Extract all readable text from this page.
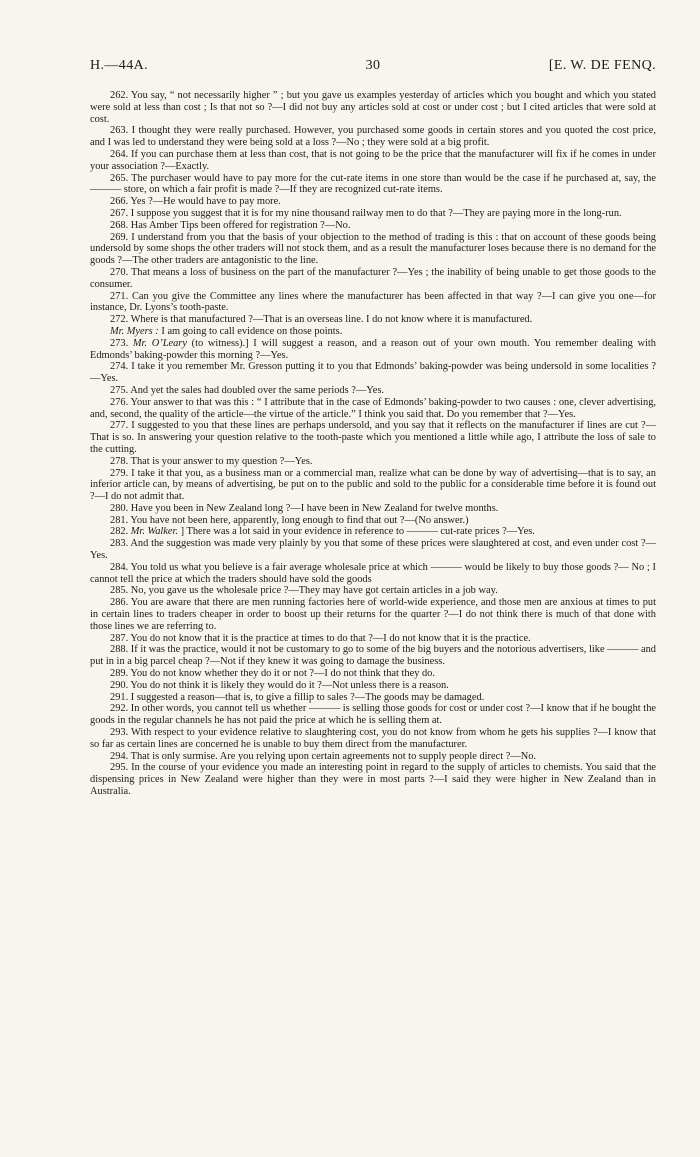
H.—44A.	30	[E. W. DE FENQ.

262. You say, “ not necessarily higher ” ; but you gave us examples yesterday of articles which you bought and which you stated were sold at less than cost ; Is that not so ?—I did not buy any articles sold at cost or under cost ; but I cited articles that were sold at cost.

263. I thought they were really purchased. However, you purchased some goods in certain stores and you quoted the cost price, and I was led to understand they were being sold at a loss ?—No ; they were sold at a big profit.

264. If you can purchase them at less than cost, that is not going to be the price that the manufacturer will fix if he comes in under your association ?—Exactly.

265. The purchaser would have to pay more for the cut-rate items in one store than would be the case if he purchased at, say, the ——— store, on which a fair profit is made ?—If they are recognized cut-rate items.

266. Yes ?—He would have to pay more.

267. I suppose you suggest that it is for my nine thousand railway men to do that ?—They are paying more in the long-run.

268. Has Amber Tips been offered for registration ?—No.

269. I understand from you that the basis of your objection to the method of trading is this : that on account of these goods being undersold by some shops the other traders will not stock them, and as a result the manufacturer loses because there is no demand for the goods ?—The other traders are antagonistic to the line.

270. That means a loss of business on the part of the manufacturer ?—Yes ; the inability of being unable to get those goods to the consumer.

271. Can you give the Committee any lines where the manufacturer has been affected in that way ?—I can give you one—for instance, Dr. Lyons’s tooth-paste.

272. Where is that manufactured ?—That is an overseas line. I do not know where it is manufactured.

Mr. Myers : I am going to call evidence on those points.

273. Mr. O’Leary (to witness).] I will suggest a reason, and a reason out of your own mouth. You remember dealing with Edmonds’ baking-powder this morning ?—Yes.

274. I take it you remember Mr. Gresson putting it to you that Edmonds’ baking-powder was being undersold in some localities ?—Yes.

275. And yet the sales had doubled over the same periods ?—Yes.

276. Your answer to that was this : “ I attribute that in the case of Edmonds’ baking-powder to two causes : one, clever advertising, and, second, the quality of the article—the virtue of the article.” I think you said that. Do you remember that ?—Yes.

277. I suggested to you that these lines are perhaps undersold, and you say that it reflects on the manufacturer if lines are cut ?—That is so. In answering your question relative to the tooth-paste which you mentioned a little while ago, I attribute the loss of sale to the cutting.

278. That is your answer to my question ?—Yes.

279. I take it that you, as a business man or a commercial man, realize what can be done by way of advertising—that is to say, an inferior article can, by means of advertising, be put on to the public and sold to the public for a considerable time before it is found out ?—I do not admit that.

280. Have you been in New Zealand long ?—I have been in New Zealand for twelve months.

281. You have not been here, apparently, long enough to find that out ?—(No answer.)

282. Mr. Walker. ] There was a lot said in your evidence in reference to ——— cut-rate prices ?—Yes.

283. And the suggestion was made very plainly by you that some of these prices were slaughtered at cost, and even under cost ?—Yes.

284. You told us what you believe is a fair average wholesale price at which ——— would be likely to buy those goods ?— No ; I cannot tell the price at which the traders should have sold the goods

285. No, you gave us the wholesale price ?—They may have got certain articles in a job way.

286. You are aware that there are men running factories here of world-wide experience, and those men are anxious at times to put in certain lines to traders cheaper in order to boost up their returns for the quarter ?—I do not think there is much of that done with those lines we are referring to.

287. You do not know that it is the practice at times to do that ?—I do not know that it is the practice.

288. If it was the practice, would it not be customary to go to some of the big buyers and the notorious advertisers, like ——— and put in in a big parcel cheap ?—Not if they knew it was going to damage the business.

289. You do not know whether they do it or not ?—I do not think that they do.

290. You do not think it is likely they would do it ?—Not unless there is a reason.

291. I suggested a reason—that is, to give a fillip to sales ?—The goods may be damaged.

292. In other words, you cannot tell us whether ——— is selling those goods for cost or under cost ?—I know that if he bought the goods in the regular channels he has not paid the price at which he is selling them at.

293. With respect to your evidence relative to slaughtering cost, you do not know from whom he gets his supplies ?—I know that so far as certain lines are concerned he is unable to buy them direct from the manufacturer.

294. That is only surmise. Are you relying upon certain agreements not to supply people direct ?—No.

295. In the course of your evidence you made an interesting point in regard to the supply of articles to chemists. You said that the dispensing prices in New Zealand were higher than they were in most parts ?—I said they were higher in New Zealand than in Australia.
